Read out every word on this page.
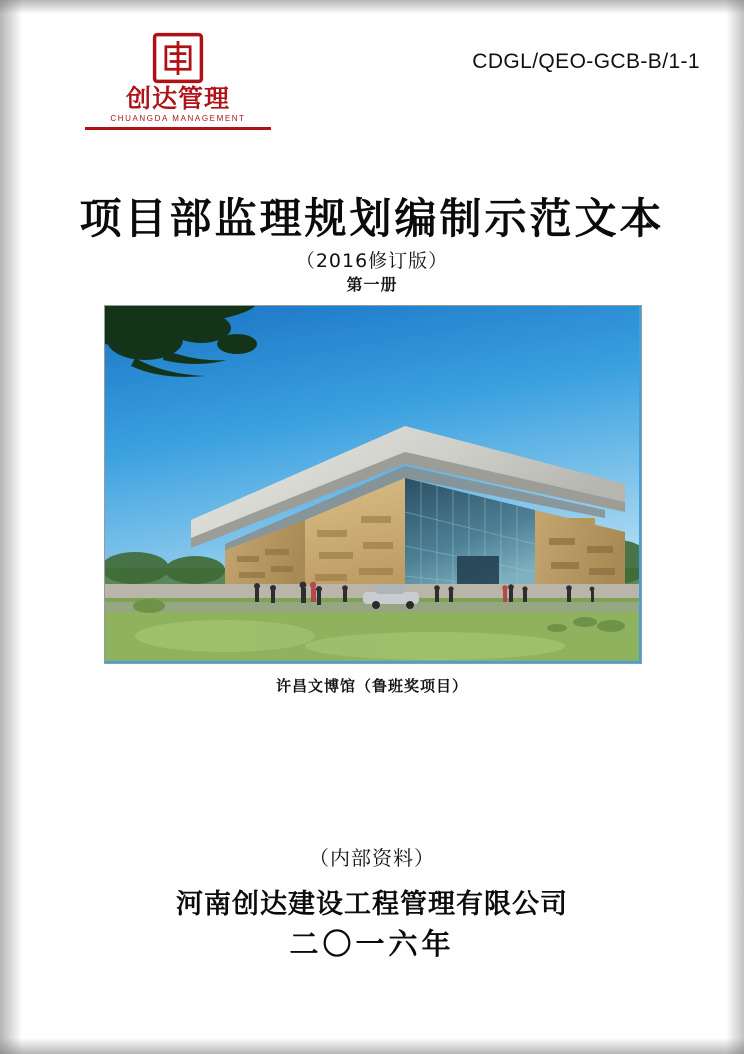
创达管理
CHUANGDA MANAGEMENT
CDGL/QEO-GCB-B/1-1
项目部监理规划编制示范文本
（2016修订版）
第一册
许昌文博馆（鲁班奖项目）
（内部资料）
河南创达建设工程管理有限公司
二〇一六年
